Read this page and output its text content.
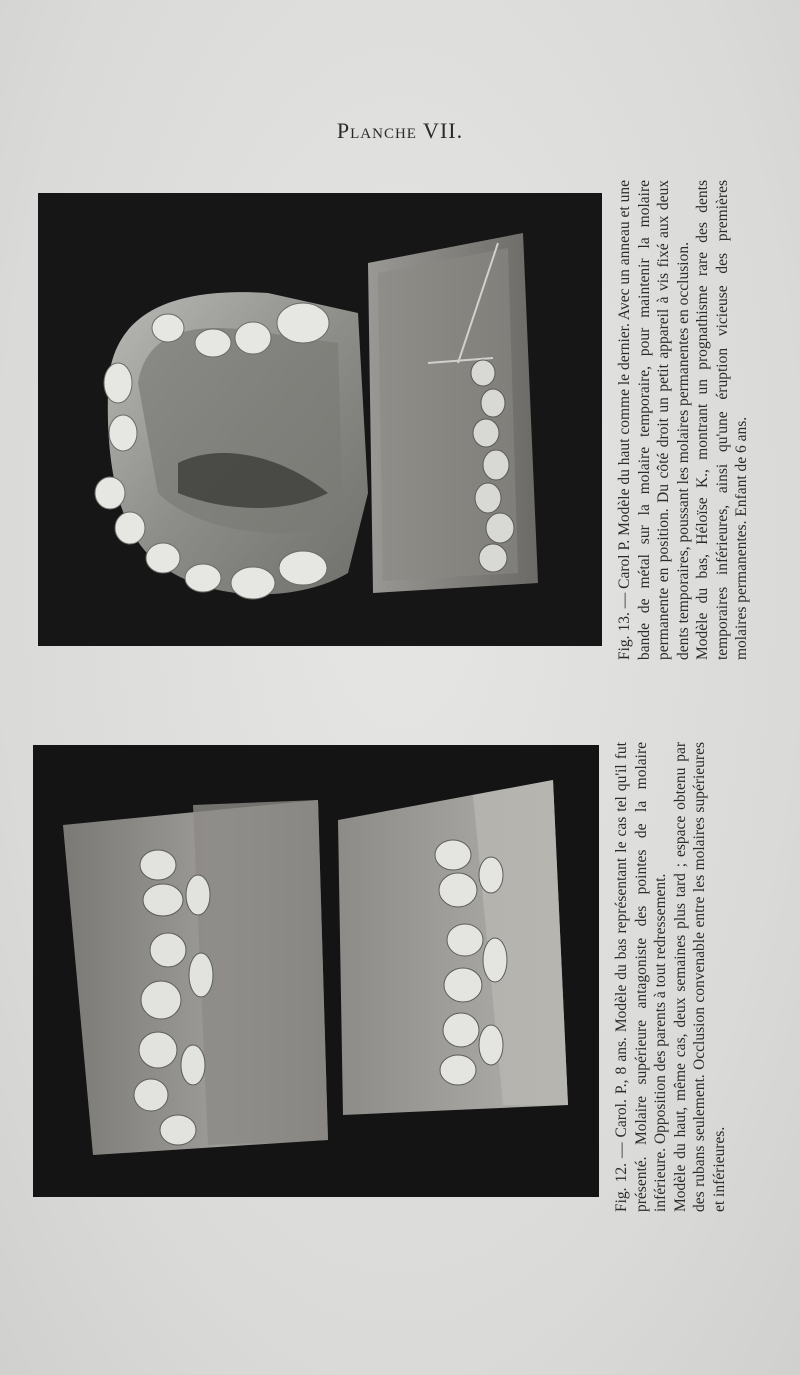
Planche VII.

Fig. 13. — Carol P. Modèle du haut comme le dernier. Avec un anneau et une bande de métal sur la molaire temporaire, pour maintenir la molaire permanente en position. Du côté droit un petit appareil à vis fixé aux deux dents temporaires, poussant les molaires permanentes en occlusion. Modèle du bas, Héloïse K., montrant un prognathisme rare des dents temporaires inférieures, ainsi qu'une éruption vicieuse des premières molaires permanentes. Enfant de 6 ans.

Fig. 12. — Carol. P., 8 ans. Modèle du bas représentant le cas tel qu'il fut présenté. Molaire supérieure antagoniste des pointes de la molaire inférieure. Opposition des parents à tout redressement. Modèle du haut, même cas, deux semaines plus tard ; espace obtenu par des rubans seulement. Occlusion convenable entre les molaires supérieures et inférieures.
